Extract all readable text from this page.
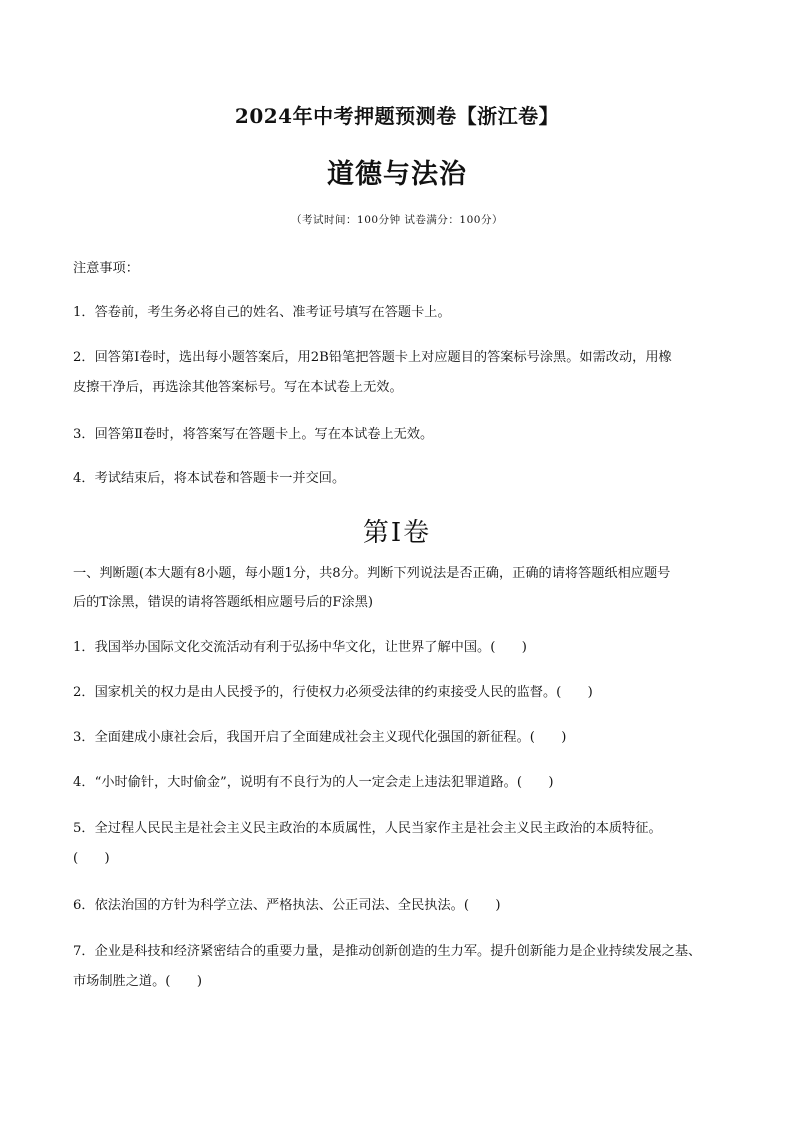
2024年中考押题预测卷【浙江卷】
道德与法治
（考试时间：100分钟 试卷满分：100分）
注意事项：
1．答卷前，考生务必将自己的姓名、准考证号填写在答题卡上。
2．回答第Ⅰ卷时，选出每小题答案后，用2B铅笔把答题卡上对应题目的答案标号涂黑。如需改动，用橡
皮擦干净后，再选涂其他答案标号。写在本试卷上无效。
3．回答第Ⅱ卷时，将答案写在答题卡上。写在本试卷上无效。
4．考试结束后，将本试卷和答题卡一并交回。
第Ⅰ卷
一、判断题(本大题有8小题，每小题1分，共8分。判断下列说法是否正确，正确的请将答题纸相应题号
后的T涂黑，错误的请将答题纸相应题号后的F涂黑)
1．我国举办国际文化交流活动有利于弘扬中华文化，让世界了解中国。(　　)
2．国家机关的权力是由人民授予的，行使权力必须受法律的约束接受人民的监督。(　　)
3．全面建成小康社会后，我国开启了全面建成社会主义现代化强国的新征程。(　　)
4．“小时偷针，大时偷金”，说明有不良行为的人一定会走上违法犯罪道路。(　　)
5．全过程人民民主是社会主义民主政治的本质属性，人民当家作主是社会主义民主政治的本质特征。
(　　)
6．依法治国的方针为科学立法、严格执法、公正司法、全民执法。(　　)
7．企业是科技和经济紧密结合的重要力量，是推动创新创造的生力军。提升创新能力是企业持续发展之基、
市场制胜之道。(　　)
